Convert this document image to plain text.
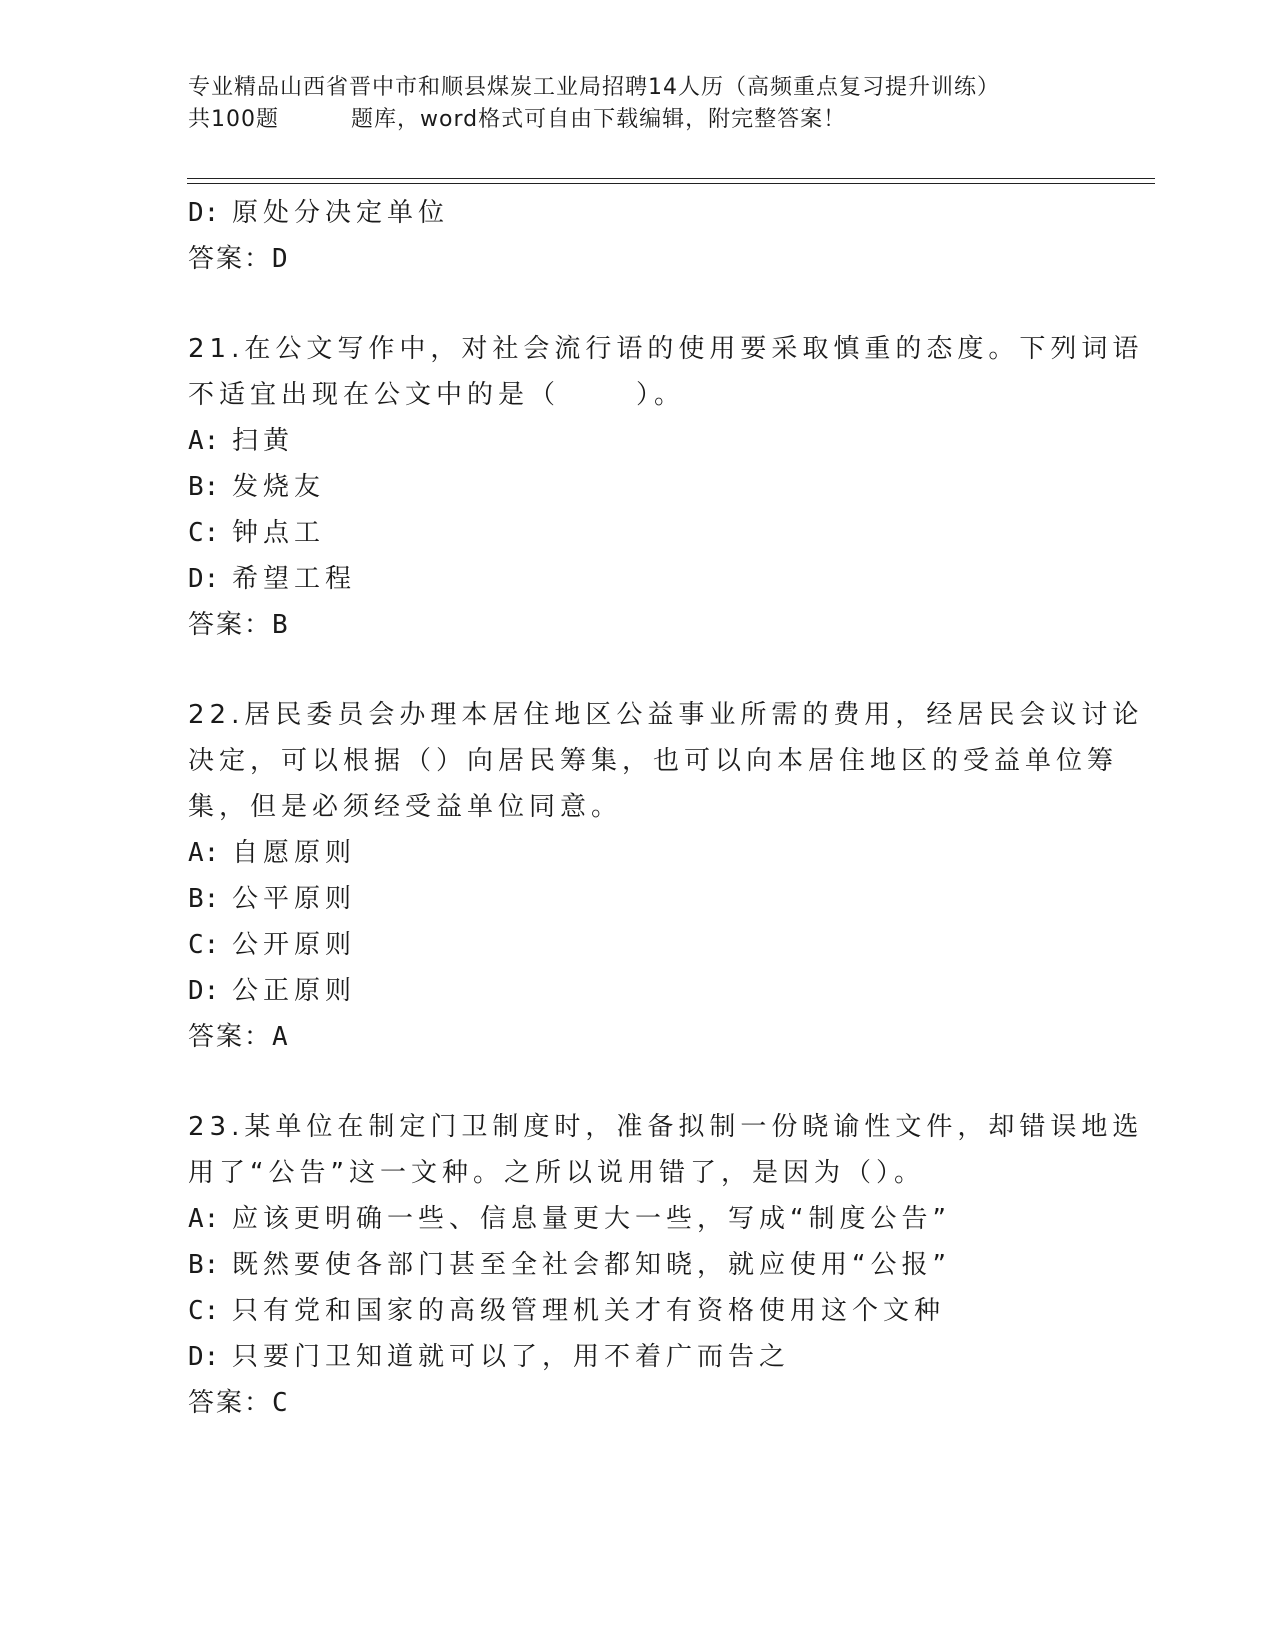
专业精品山西省晋中市和顺县煤炭工业局招聘14人历（高频重点复习提升训练）
共100题	题库，word格式可自由下载编辑，附完整答案！
D: 原处分决定单位
答案：D
21.在公文写作中，对社会流行语的使用要采取慎重的态度。下列词语
不适宜出现在公文中的是（	）。
A: 扫黄
B: 发烧友
C: 钟点工
D: 希望工程
答案：B
22.居民委员会办理本居住地区公益事业所需的费用，经居民会议讨论
决定，可以根据（）向居民筹集，也可以向本居住地区的受益单位筹
集，但是必须经受益单位同意。
A: 自愿原则
B: 公平原则
C: 公开原则
D: 公正原则
答案：A
23.某单位在制定门卫制度时，准备拟制一份晓谕性文件，却错误地选
用了“公告”这一文种。之所以说用错了，是因为（）。
A: 应该更明确一些、信息量更大一些，写成“制度公告”
B: 既然要使各部门甚至全社会都知晓，就应使用“公报”
C: 只有党和国家的高级管理机关才有资格使用这个文种
D: 只要门卫知道就可以了，用不着广而告之
答案：C
